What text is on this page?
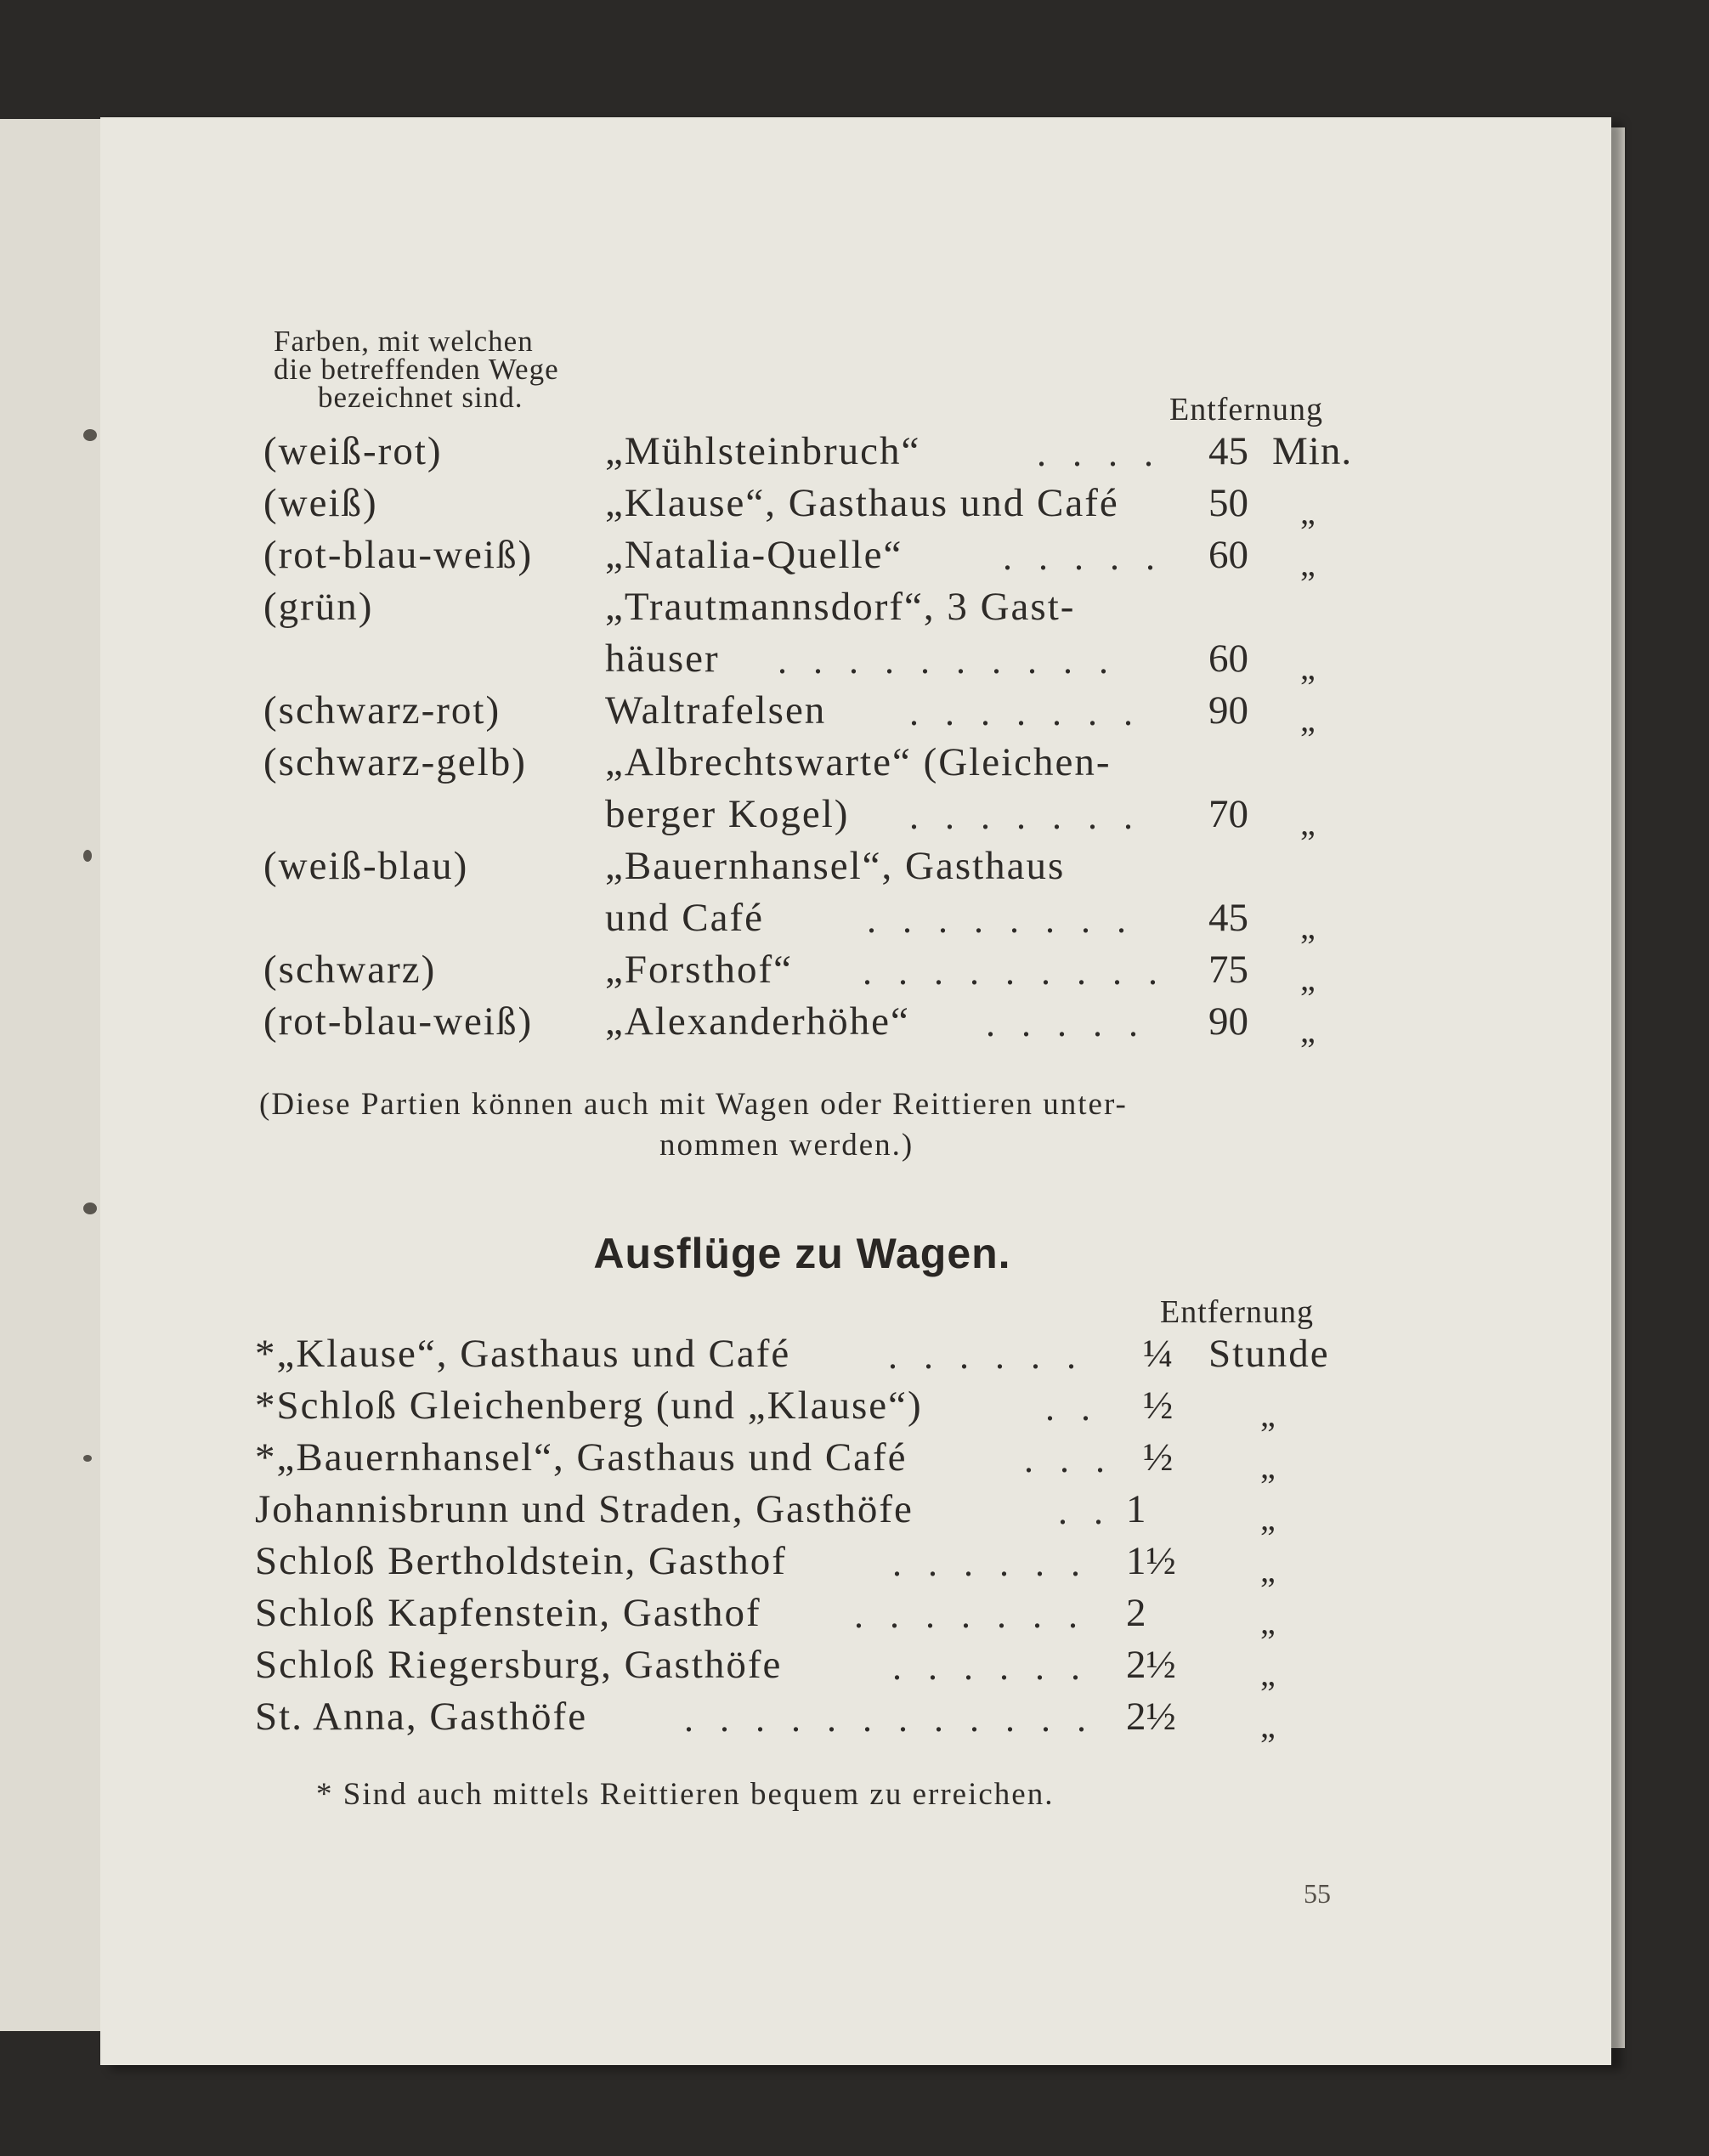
Farben, mit welchen
die betreffenden Wege
bezeichnet sind.	Entfernung
(weiß-rot)	„Mühlsteinbruch“	. . . . 45 Min.
(weiß)	„Klause“, Gasthaus und Café 50 „
(rot-blau-weiß) „Natalia-Quelle“	. . . . . 60 „
(grün)	„Trautmannsdorf“, 3 Gast-
häuser . . . . . . . . . . 60 „
(schwarz-rot)	Waltrafelsen . . . . . . . 90 „
(schwarz-gelb) „Albrechtswarte“ (Gleichen-
berger Kogel) . . . . . . . 70 „
(weiß-blau)	„Bauernhansel“, Gasthaus
und Café	. . . . . . . . 45 „
(schwarz)	„Forsthof“ . . . . . . . . . 75 „
(rot-blau-weiß) „Alexanderhöhe“ . . . . . 90 „
(Diese Partien können auch mit Wagen oder Reittieren unter-
nommen werden.)
Ausflüge zu Wagen.
Entfernung
*„Klause“, Gasthaus und Café	. . . . . . ¼ Stunde
*Schloß Gleichenberg (und „Klause“)	. . ½	„
*„Bauernhansel“, Gasthaus und Café	. . . ½	„
Johannisbrunn und Straden, Gasthöfe	. . 1	„
Schloß Bertholdstein, Gasthof	. . . . . . 1½ „
Schloß Kapfenstein, Gasthof . . . . . . . 2	„
Schloß Riegersburg, Gasthöfe	. . . . . . 2½ „
St. Anna, Gasthöfe	. . . . . . . . . . . . 2½ „
* Sind auch mittels Reittieren bequem zu erreichen.
55
